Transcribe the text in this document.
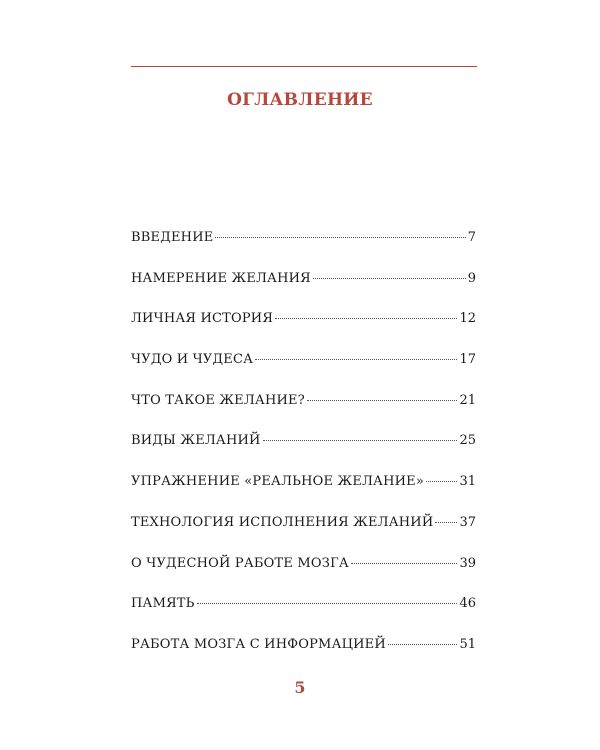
ОГЛАВЛЕНИЕ
ВВЕДЕНИЕ	7
НАМЕРЕНИЕ ЖЕЛАНИЯ	9
ЛИЧНАЯ ИСТОРИЯ	12
ЧУДО И ЧУДЕСА	17
ЧТО ТАКОЕ ЖЕЛАНИЕ?	21
ВИДЫ ЖЕЛАНИЙ	25
УПРАЖНЕНИЕ «РЕАЛЬНОЕ ЖЕЛАНИЕ»	31
ТЕХНОЛОГИЯ ИСПОЛНЕНИЯ ЖЕЛАНИЙ 37
О ЧУДЕСНОЙ РАБОТЕ МОЗГА	39
ПАМЯТЬ	46
РАБОТА МОЗГА С ИНФОРМАЦИЕЙ	51
5
